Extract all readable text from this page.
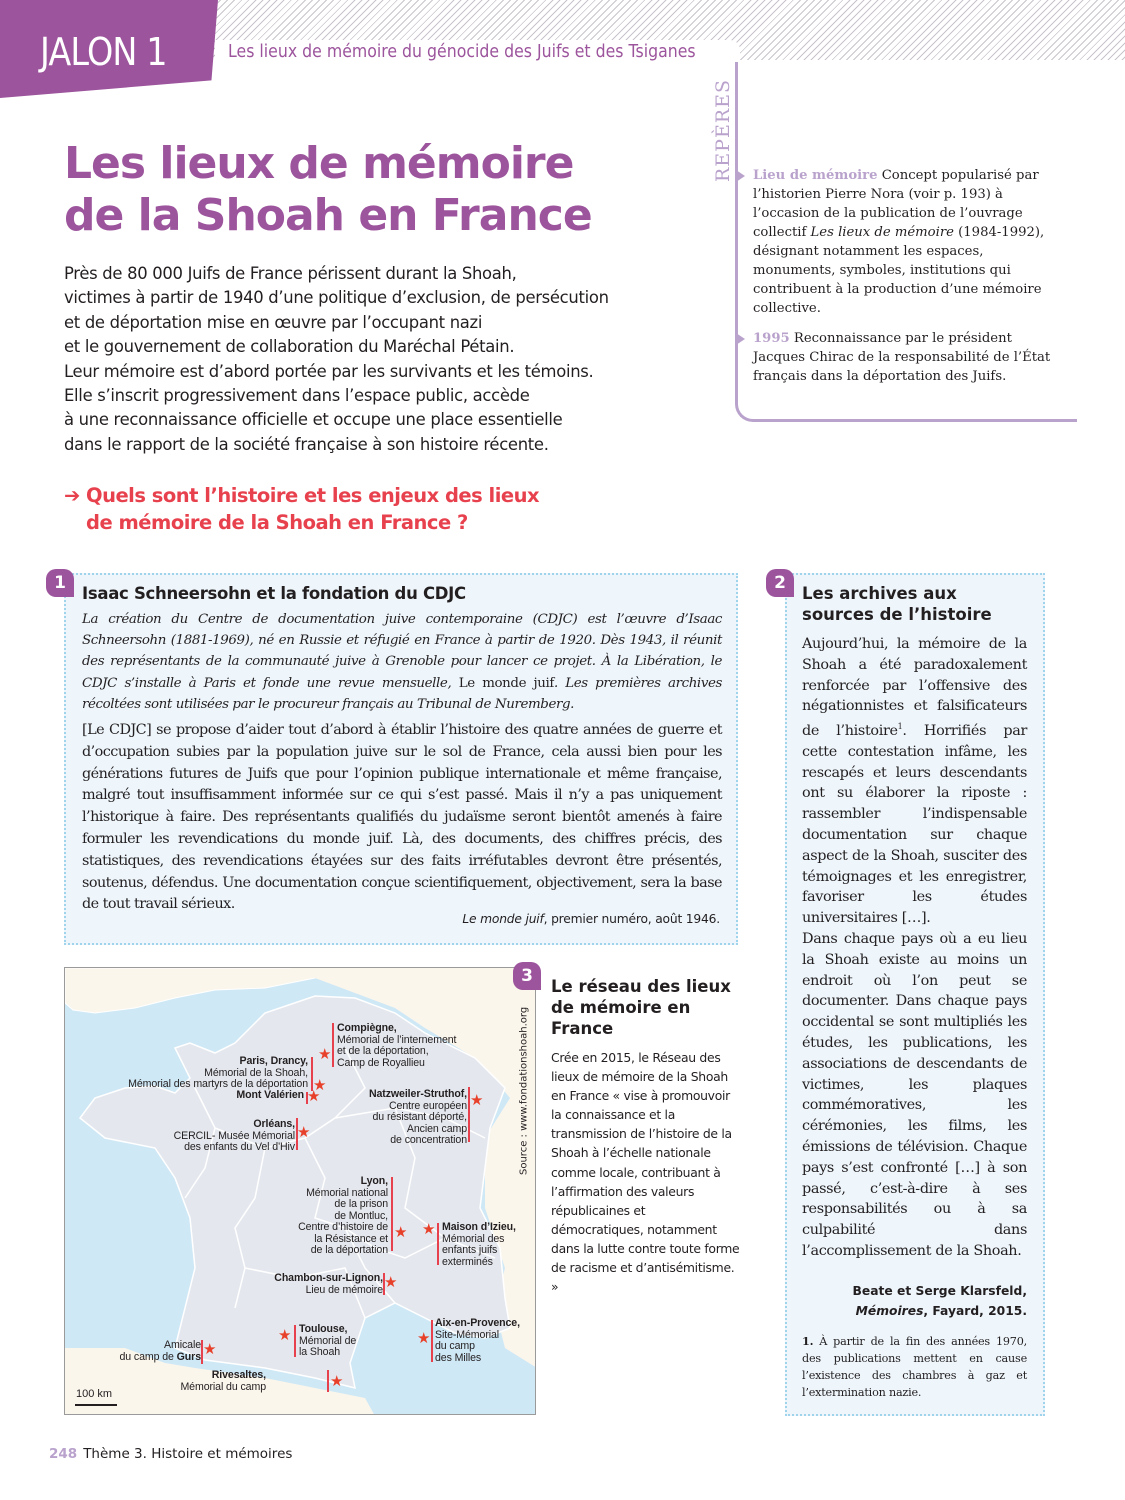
JALON 1	Les lieux de mémoire du génocide des Juifs et des Tsiganes
REPÈRES	Lieu de mémoire Concept popularisé par l’historien Pierre Nora (voir p. 193) à l’occasion de la publication de l’ouvrage collectif Les lieux de mémoire (1984-1992), désignant notamment les espaces, monuments, symboles, institutions qui contribuent à la production d’une mémoire collective.
1995 Reconnaissance par le président Jacques Chirac de la responsabilité de l’État français dans la déportation des Juifs.
Les lieux de mémoire
de la Shoah en France
Près de 80 000 Juifs de France périssent durant la Shoah,
victimes à partir de 1940 d’une politique d’exclusion, de persécution
et de déportation mise en œuvre par l’occupant nazi
et le gouvernement de collaboration du Maréchal Pétain.
Leur mémoire est d’abord portée par les survivants et les témoins.
Elle s’inscrit progressivement dans l’espace public, accède
à une reconnaissance officielle et occupe une place essentielle
dans le rapport de la société française à son histoire récente.
➔ Quels sont l’histoire et les enjeux des lieux
de mémoire de la Shoah en France ?
1
Isaac Schneersohn et la fondation du CDJC
La création du Centre de documentation juive contemporaine (CDJC) est l’œuvre d’Isaac Schneersohn (1881-1969), né en Russie et réfugié en France à partir de 1920. Dès 1943, il réunit des représentants de la communauté juive à Grenoble pour lancer ce projet. À la Libération, le CDJC s’installe à Paris et fonde une revue mensuelle, Le monde juif. Les premières archives récoltées sont utilisées par le procureur français au Tribunal de Nuremberg.
[Le CDJC] se propose d’aider tout d’abord à établir l’histoire des quatre années de guerre et d’occupation subies par la population juive sur le sol de France, cela aussi bien pour les générations futures de Juifs que pour l’opinion publique internationale et même française, malgré tout insuffisamment informée sur ce qui s’est passé. Mais il n’y a pas uniquement l’historique à faire. Des représentants qualifiés du judaïsme seront bientôt amenés à faire formuler les revendications du monde juif. Là, des documents, des chiffres précis, des statistiques, des revendications étayées sur des faits irréfutables devront être présentés, soutenus, défendus. Une documentation conçue scientifiquement, objectivement, sera la base de tout travail sérieux.
Le monde juif, premier numéro, août 1946.
2
Les archives aux sources de l’histoire
Aujourd’hui, la mémoire de la Shoah a été paradoxalement renforcée par l’offensive des négationnistes et falsificateurs de l’histoire$^1$. Horrifiés par cette contestation infâme, les rescapés et leurs descendants ont su élaborer la riposte : rassembler l’indispensable documentation sur chaque aspect de la Shoah, susciter des témoignages et les enregistrer, favoriser les études universitaires […].
Dans chaque pays où a eu lieu la Shoah existe au moins un endroit où l’on peut se documenter. Dans chaque pays occidental se sont multipliés les études, les publications, les associations de descendants de victimes, les plaques commémoratives, les cérémonies, les films, les émissions de télévision. Chaque pays s’est confronté […] à son passé, c’est-à-dire à ses responsabilités ou à sa culpabilité dans l’accomplissement de la Shoah.
Beate et Serge Klarsfeld,
Mémoires, Fayard, 2015.
1. À partir de la fin des années 1970, des publications mettent en cause l’existence des chambres à gaz et l’extermination nazie.
Compiègne,
Mémorial de l’internement
et de la déportation,
Camp de Royallieu
★
Paris, Drancy,
Mémorial de la Shoah,
Mémorial des martyrs de la déportation ★
Mont Valérien ★	Natzweiler-Struthof,
Centre européen
du résistant déporté,
Ancien camp
de concentration
★
Orléans,
CERCIL- Musée Mémorial
des enfants du Vel d'Hiv
★
Lyon,
Mémorial national
de la prison
de Montluc,
Centre d’histoire de
la Résistance et
de la déportation
★ ★ Maison d’Izieu,
Mémorial des
enfants juifs
exterminés
Chambon-sur-Lignon,
Lieu de mémoire ★
★ Toulouse,
Mémorial de
la Shoah
★
Aix-en-Provence,
Site-Mémorial
du camp
des Milles
Amicale
du camp de Gurs ★
Rivesaltes,
Mémorial du camp	★
100 km
Source : www.fondationshoah.org
3
Le réseau des lieux de mémoire en France
Crée en 2015, le Réseau des lieux de mémoire de la Shoah en France « vise à promouvoir la connaissance et la transmission de l’histoire de la Shoah à l’échelle nationale comme locale, contribuant à l’affirmation des valeurs républicaines et démocratiques, notamment dans la lutte contre toute forme de racisme et d’antisémitisme. »
248 Thème 3. Histoire et mémoires
